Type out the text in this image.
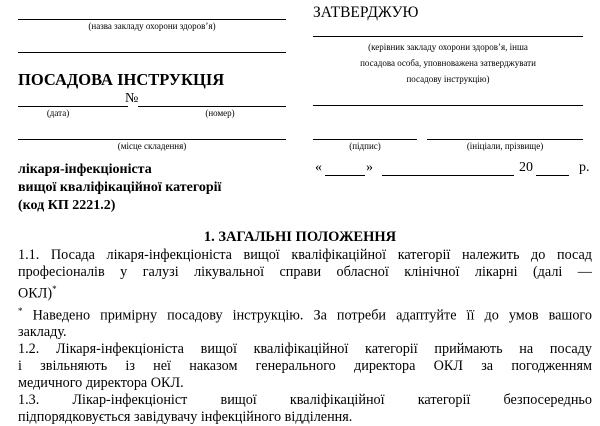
(назва закладу охорони здоров’я)
ПОСАДОВА ІНСТРУКЦІЯ
№
(дата)	(номер)
(місце складення)
лікаря-інфекціоніста
вищої кваліфікаційної категорії
(код КП 2221.2)
ЗАТВЕРДЖУЮ
(керівник закладу охорони здоров’я, інша
посадова особа, уповноважена затверджувати
посадову інструкцію)
(підпис)	(ініціали, прізвище)
«	»	20	р.
1. ЗАГАЛЬНІ ПОЛОЖЕННЯ
1.1. Посада лікаря-інфекціоніста вищої кваліфікаційної категорії належить до посад
професіоналів у галузі лікувальної справи обласної клінічної лікарні (далі —
ОКЛ)*
* Наведено примірну посадову інструкцію. За потреби адаптуйте її до умов вашого
закладу.
1.2. Лікаря-інфекціоніста вищої кваліфікаційної категорії приймають на посаду
і звільняють із неї наказом генерального директора ОКЛ за погодженням
медичного директора ОКЛ.
1.3. Лікар-інфекціоніст вищої кваліфікаційної категорії безпосередньо
підпорядковується завідувачу інфекційного відділення.
